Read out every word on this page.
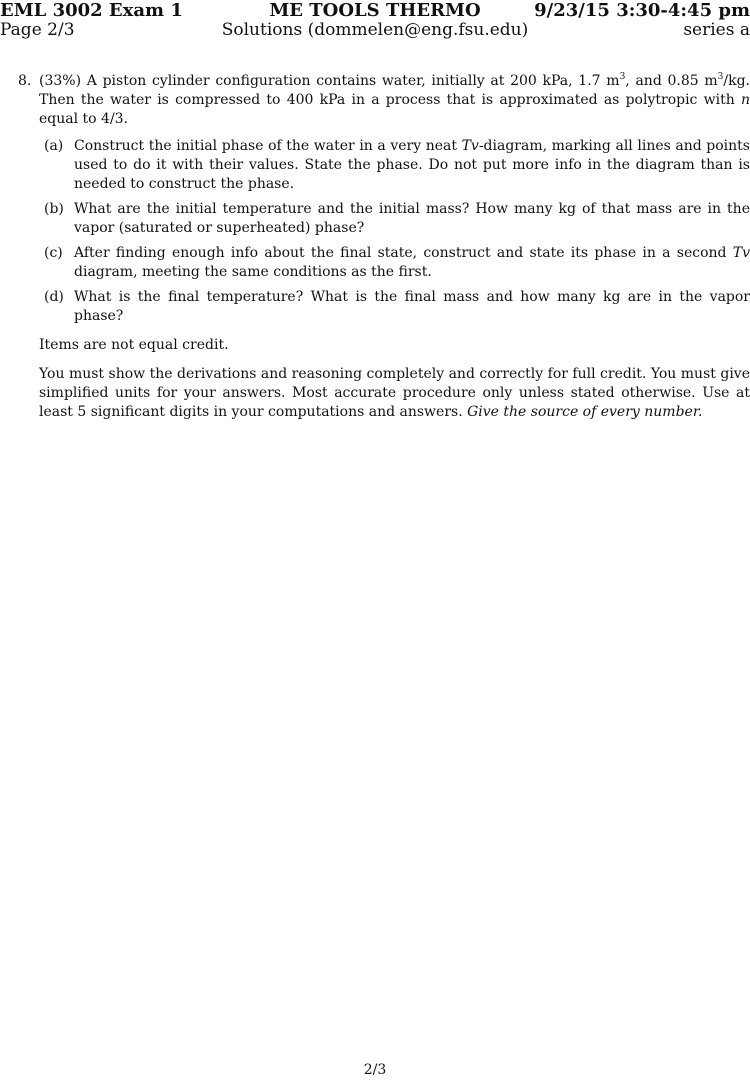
EML 3002 Exam 1	ME TOOLS THERMO	9/23/15 3:30-4:45 pm
Page 2/3	Solutions (dommelen@eng.fsu.edu)	series a
8. (33%) A piston cylinder configuration contains water, initially at 200 kPa, 1.7 $m^3$, and 0.85 $m^3/kg$. Then the water is compressed to 400 kPa in a process that is approximated as polytropic with n equal to 4/3.
(a) Construct the initial phase of the water in a very neat Tv-diagram, marking all lines and points used to do it with their values. State the phase. Do not put more info in the diagram than is needed to construct the phase.
(b) What are the initial temperature and the initial mass? How many kg of that mass are in the vapor (saturated or superheated) phase?
(c) After finding enough info about the final state, construct and state its phase in a second Tv diagram, meeting the same conditions as the first.
(d) What is the final temperature? What is the final mass and how many kg are in the vapor phase?
Items are not equal credit.
You must show the derivations and reasoning completely and correctly for full credit. You must give simplified units for your answers. Most accurate procedure only unless stated otherwise. Use at least 5 significant digits in your computations and answers. Give the source of every number.
2/3
